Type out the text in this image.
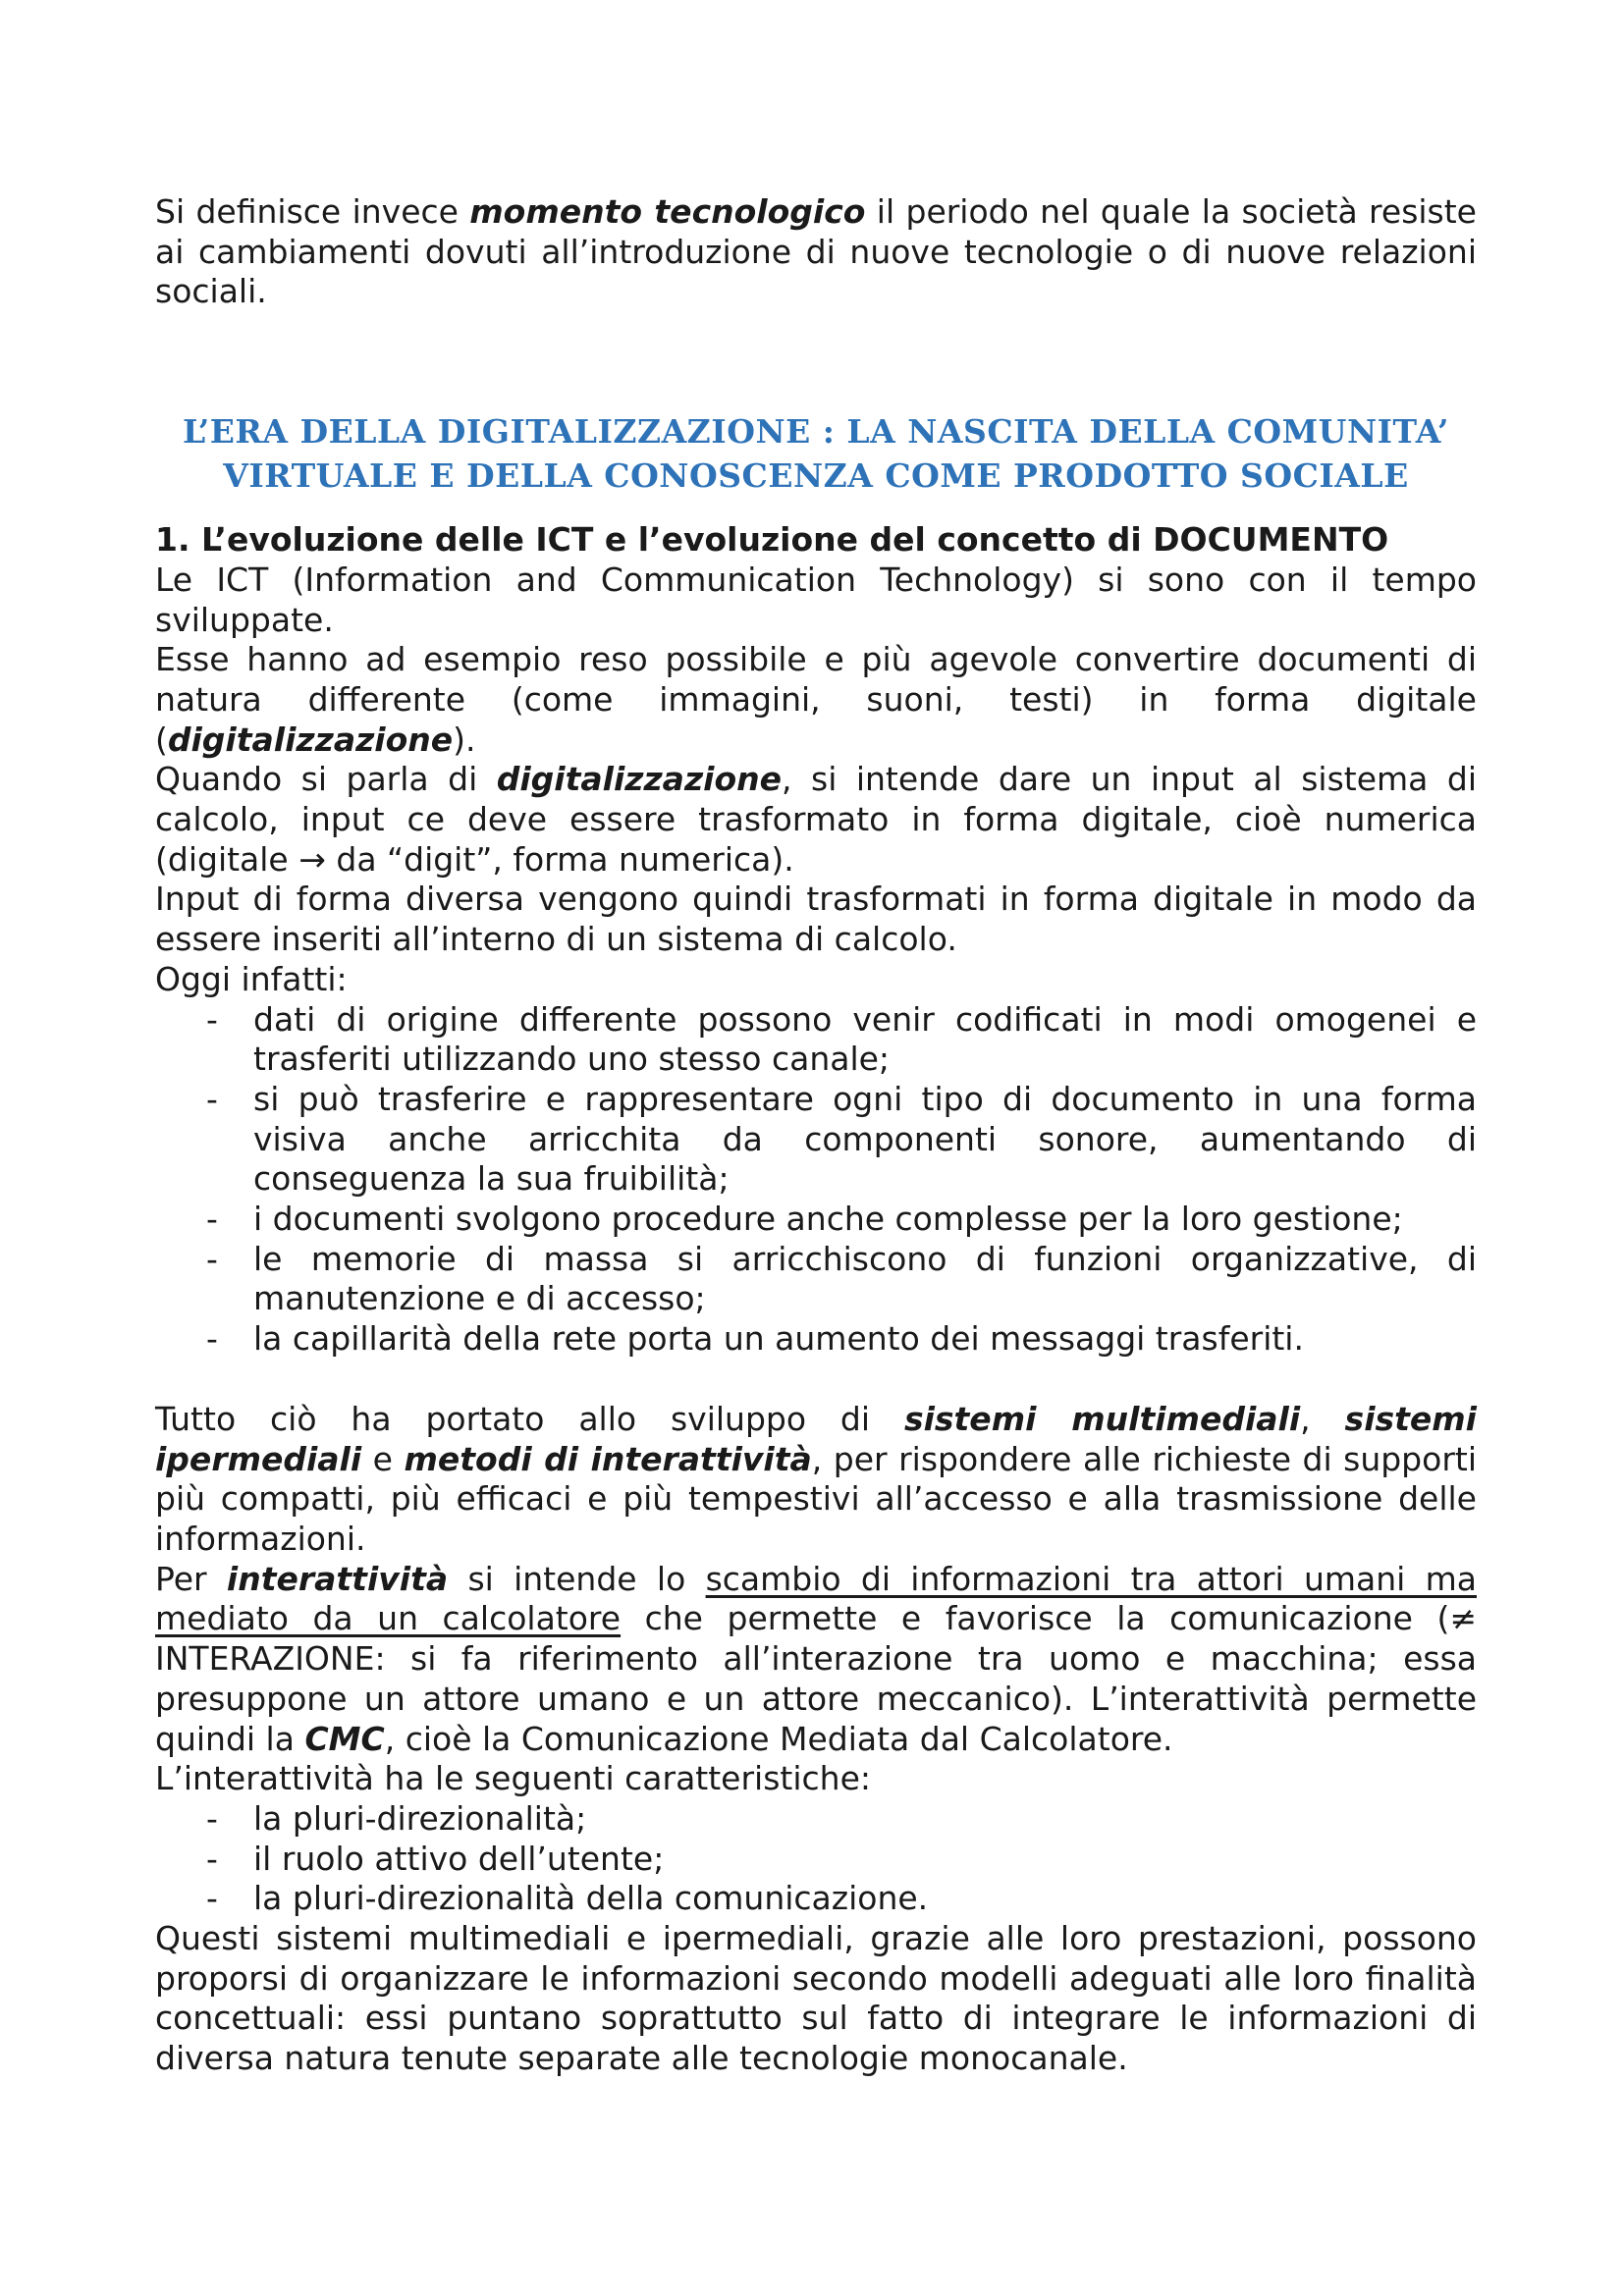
Si definisce invece momento tecnologico il periodo nel quale la società resiste ai cambiamenti dovuti all’introduzione di nuove tecnologie o di nuove relazioni sociali.

L’ERA DELLA DIGITALIZZAZIONE : LA NASCITA DELLA COMUNITA’
VIRTUALE E DELLA CONOSCENZA COME PRODOTTO SOCIALE
1. L’evoluzione delle ICT e l’evoluzione del concetto di DOCUMENTO

Le ICT (Information and Communication Technology) si sono con il tempo sviluppate.

Esse hanno ad esempio reso possibile e più agevole convertire documenti di natura differente (come immagini, suoni, testi) in forma digitale (digitalizzazione).

Quando si parla di digitalizzazione, si intende dare un input al sistema di calcolo, input ce deve essere trasformato in forma digitale, cioè numerica (digitale → da “digit”, forma numerica).

Input di forma diversa vengono quindi trasformati in forma digitale in modo da essere inseriti all’interno di un sistema di calcolo.

Oggi infatti:

- dati di origine differente possono venir codificati in modi omogenei e trasferiti utilizzando uno stesso canale;
- si può trasferire e rappresentare ogni tipo di documento in una forma visiva anche arricchita da componenti sonore, aumentando di conseguenza la sua fruibilità;
- i documenti svolgono procedure anche complesse per la loro gestione;
- le memorie di massa si arricchiscono di funzioni organizzative, di manutenzione e di accesso;
- la capillarità della rete porta un aumento dei messaggi trasferiti.

Tutto ciò ha portato allo sviluppo di sistemi multimediali, sistemi ipermediali e metodi di interattività, per rispondere alle richieste di supporti più compatti, più efficaci e più tempestivi all’accesso e alla trasmissione delle informazioni.

Per interattività si intende lo scambio di informazioni tra attori umani ma mediato da un calcolatore che permette e favorisce la comunicazione (≠ INTERAZIONE: si fa riferimento all’interazione tra uomo e macchina; essa presuppone un attore umano e un attore meccanico). L’interattività permette quindi la CMC, cioè la Comunicazione Mediata dal Calcolatore.

L’interattività ha le seguenti caratteristiche:

- la pluri-direzionalità;
- il ruolo attivo dell’utente;
- la pluri-direzionalità della comunicazione.

Questi sistemi multimediali e ipermediali, grazie alle loro prestazioni, possono proporsi di organizzare le informazioni secondo modelli adeguati alle loro finalità concettuali: essi puntano soprattutto sul fatto di integrare le informazioni di diversa natura tenute separate alle tecnologie monocanale.
